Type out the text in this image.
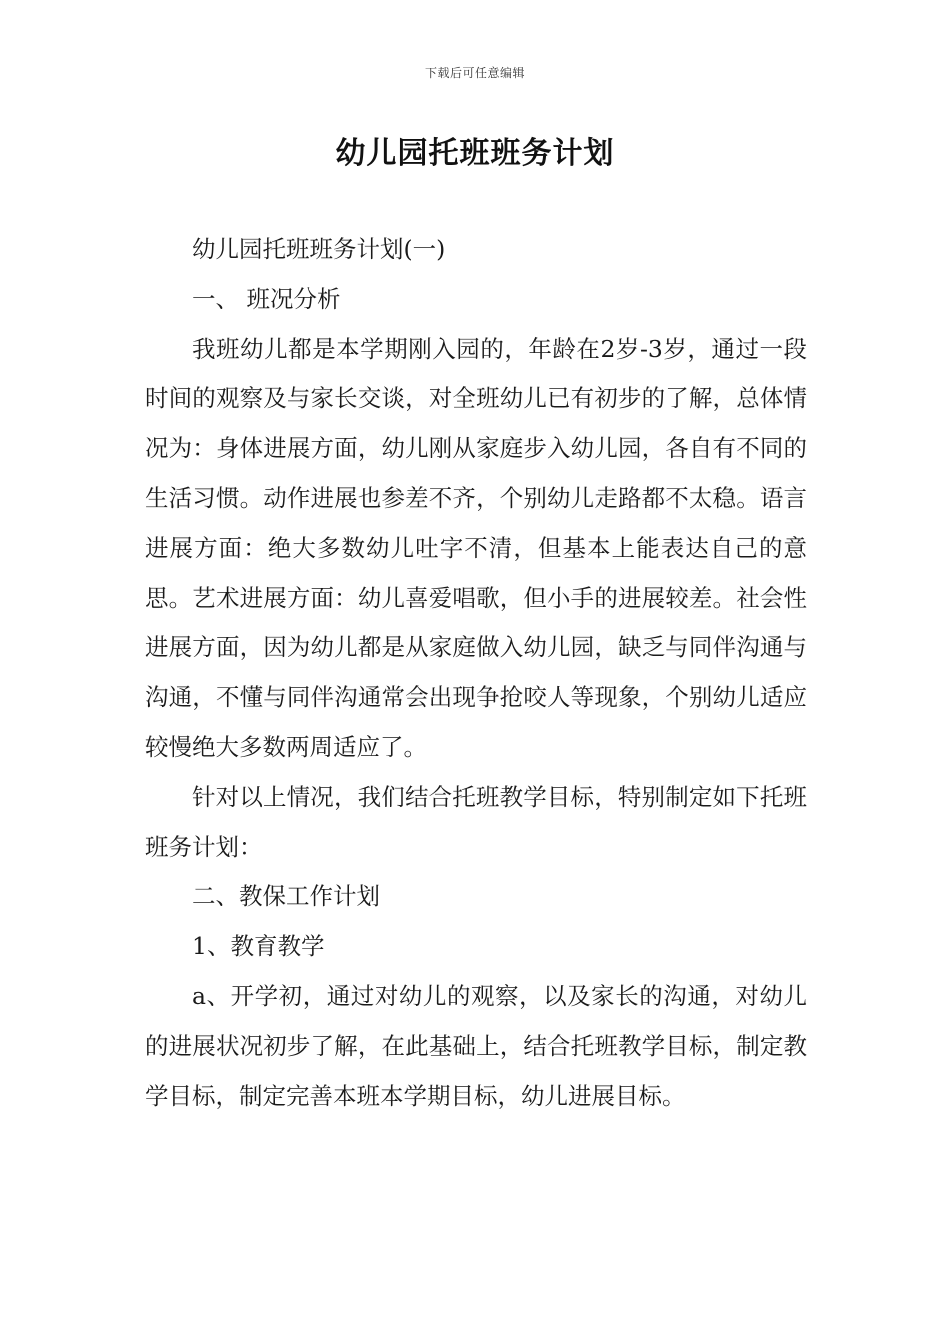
下载后可任意编辑
幼儿园托班班务计划

幼儿园托班班务计划(一)

一、 班况分析

我班幼儿都是本学期刚入园的，年龄在2岁-3岁，通过一段时间的观察及与家长交谈，对全班幼儿已有初步的了解，总体情况为：身体进展方面，幼儿刚从家庭步入幼儿园，各自有不同的生活习惯。动作进展也参差不齐，个别幼儿走路都不太稳。语言进展方面：绝大多数幼儿吐字不清，但基本上能表达自己的意思。艺术进展方面：幼儿喜爱唱歌，但小手的进展较差。社会性进展方面，因为幼儿都是从家庭做入幼儿园，缺乏与同伴沟通与沟通，不懂与同伴沟通常会出现争抢咬人等现象，个别幼儿适应较慢绝大多数两周适应了。

针对以上情况，我们结合托班教学目标，特别制定如下托班班务计划：

二、教保工作计划

1、教育教学

a、开学初，通过对幼儿的观察，以及家长的沟通，对幼儿的进展状况初步了解，在此基础上，结合托班教学目标，制定教学目标，制定完善本班本学期目标，幼儿进展目标。
